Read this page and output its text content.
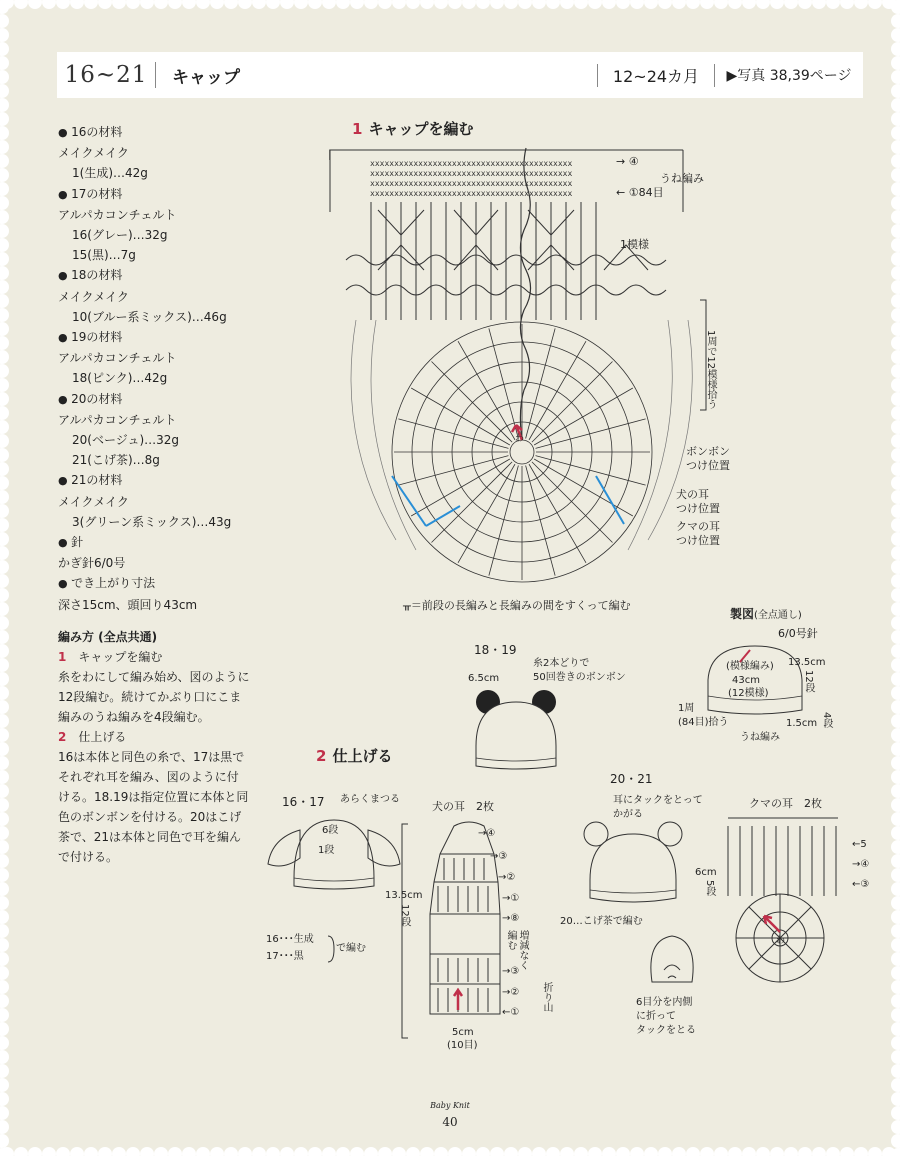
16~21	キャップ	12~24カ月	▶写真 38,39ページ
● 16の材料
メイクメイク
1(生成)…42g
● 17の材料
アルパカコンチェルト
16(グレー)…32g
15(黒)…7g
● 18の材料
メイクメイク
10(ブルー系ミックス)…46g
● 19の材料
アルパカコンチェルト
18(ピンク)…42g
● 20の材料
アルパカコンチェルト
20(ベージュ)…32g
21(こげ茶)…8g
● 21の材料
メイクメイク
3(グリーン系ミックス)…43g
● 針
かぎ針6/0号
● でき上がり寸法
深さ15cm、頭回り43cm

編み方 (全点共通)

1　 キャップを編む

糸をわにして編み始め、図のように12段編む。続けてかぶり口にこま編みのうね編みを4段編む。

2　 仕上げる

16は本体と同色の糸で、17は黒でそれぞれ耳を編み、図のように付ける。18.19は指定位置に本体と同色のボンボンを付ける。20はこげ茶で、21は本体と同色で耳を編んで付ける。

1 キャップを編む
xxxxxxxxxxxxxxxxxxxxxxxxxxxxxxxxxxxxxxxxxx
xxxxxxxxxxxxxxxxxxxxxxxxxxxxxxxxxxxxxxxxxx
xxxxxxxxxxxxxxxxxxxxxxxxxxxxxxxxxxxxxxxxxx
xxxxxxxxxxxxxxxxxxxxxxxxxxxxxxxxxxxxxxxxxx
わ
→ ④
うね編み
← ①84目
1模様
1周で12模様拾う
ボンボン
つけ位置
犬の耳
つけ位置
クマの耳
つけ位置
ᚂ＝前段の長編みと長編みの間をすくって編む
製図(全点通し)
6/0号針
(模様編み)
43cm
(12模様)
13.5cm
12段
1周
(84目)拾う	1.5cm 4段
うね編み
18・19
糸2本どりで
50回巻きのボンボン
6.5cm
2 仕上げる
16・17 あらくまつる
6段
1段
16･･･生成
17･･･黒
で編む
犬の耳　2枚
→④
→③
→②
→①
→⑧
→③
→②
←①
増減なく編む
折り山
13.5cm
12段
5cm
(10目)
20・21
耳にタックをとって
かがる
20…こげ茶で編む
6目分を内側
に折って
タックをとる
クマの耳　2枚
わ
←5
→④
←③
6cm
5段
Baby Knit
40
